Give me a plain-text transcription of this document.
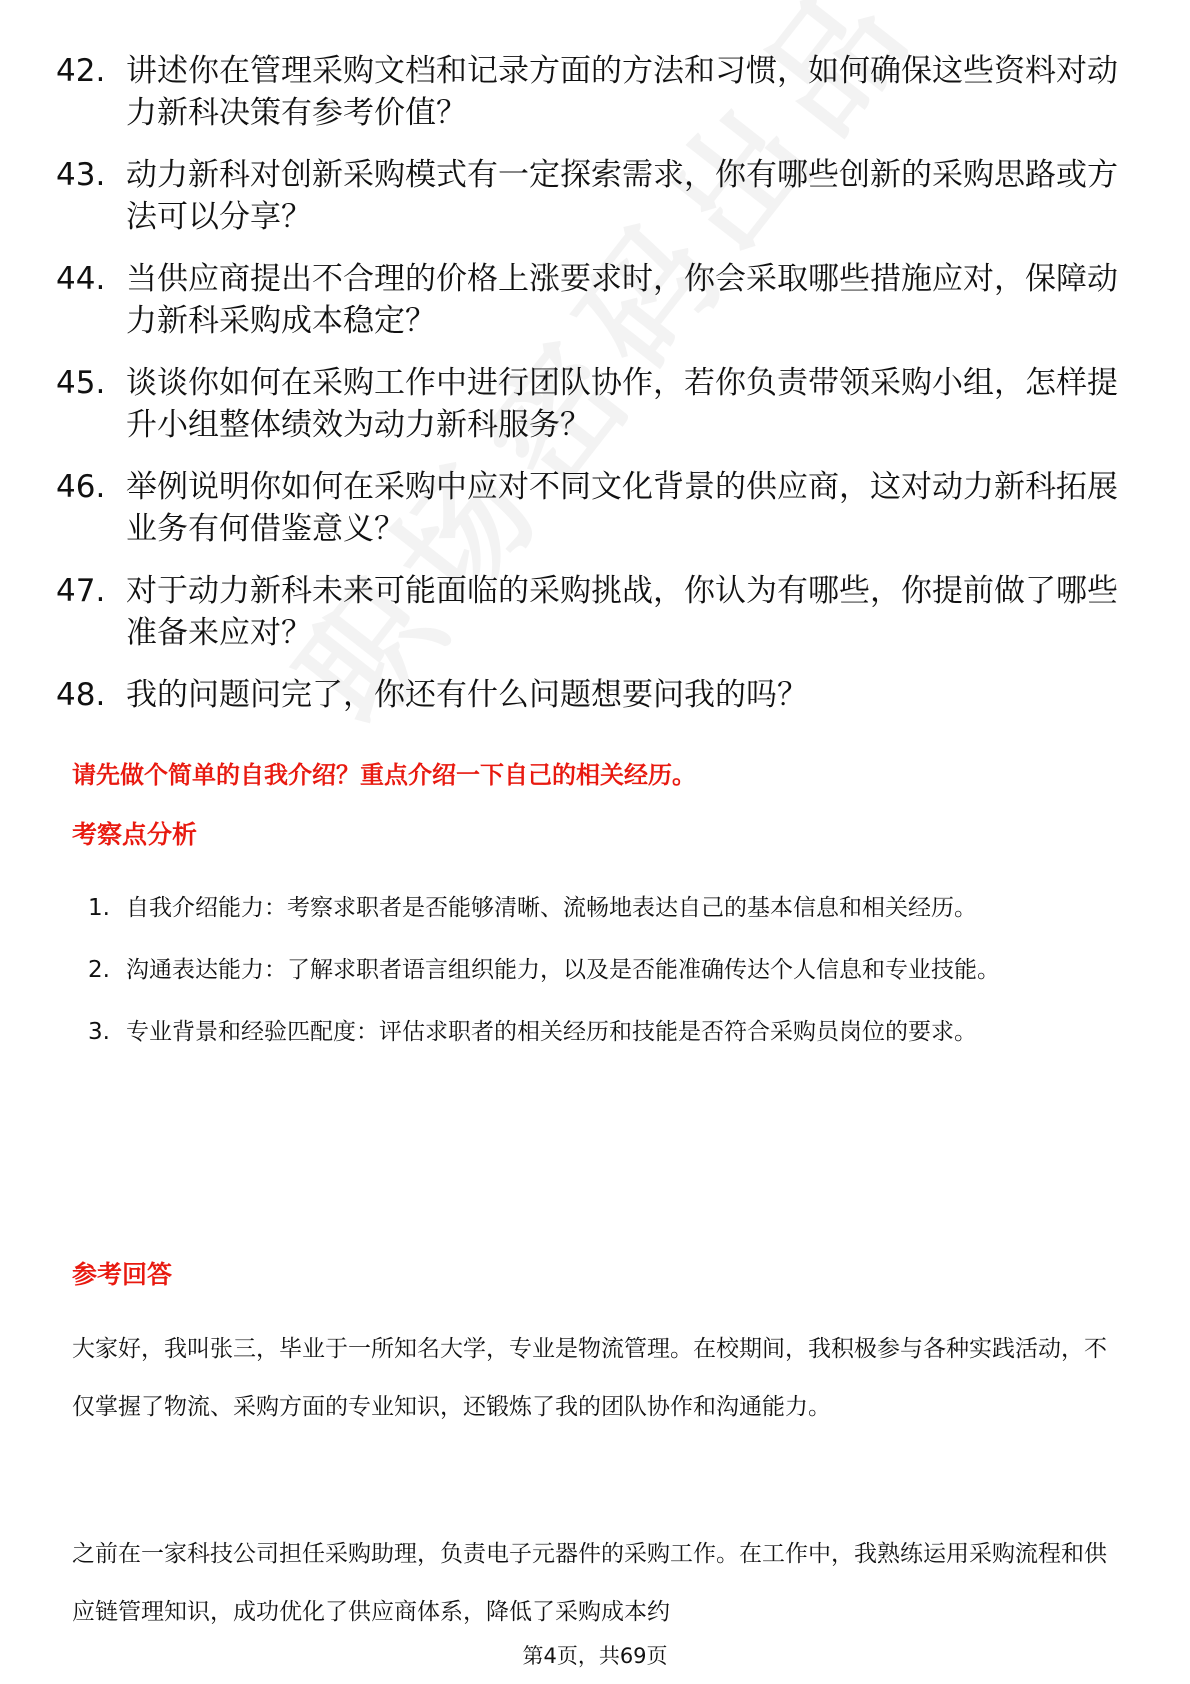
42. 讲述你在管理采购文档和记录方面的方法和习惯，如何确保这些资料对动力新科决策有参考价值？
43. 动力新科对创新采购模式有一定探索需求，你有哪些创新的采购思路或方法可以分享？
44. 当供应商提出不合理的价格上涨要求时，你会采取哪些措施应对，保障动力新科采购成本稳定？
45. 谈谈你如何在采购工作中进行团队协作，若你负责带领采购小组，怎样提升小组整体绩效为动力新科服务？
46. 举例说明你如何在采购中应对不同文化背景的供应商，这对动力新科拓展业务有何借鉴意义？
47. 对于动力新科未来可能面临的采购挑战，你认为有哪些，你提前做了哪些准备来应对？
48. 我的问题问完了，你还有什么问题想要问我的吗？
请先做个简单的自我介绍？重点介绍一下自己的相关经历。
考察点分析
1. 自我介绍能力：考察求职者是否能够清晰、流畅地表达自己的基本信息和相关经历。
2. 沟通表达能力：了解求职者语言组织能力，以及是否能准确传达个人信息和专业技能。
3. 专业背景和经验匹配度：评估求职者的相关经历和技能是否符合采购员岗位的要求。
参考回答
大家好，我叫张三，毕业于一所知名大学，专业是物流管理。在校期间，我积极参与各种实践活动，不仅掌握了物流、采购方面的专业知识，还锻炼了我的团队协作和沟通能力。
之前在一家科技公司担任采购助理，负责电子元器件的采购工作。在工作中，我熟练运用采购流程和供应链管理知识，成功优化了供应商体系，降低了采购成本约
第4页，共69页
